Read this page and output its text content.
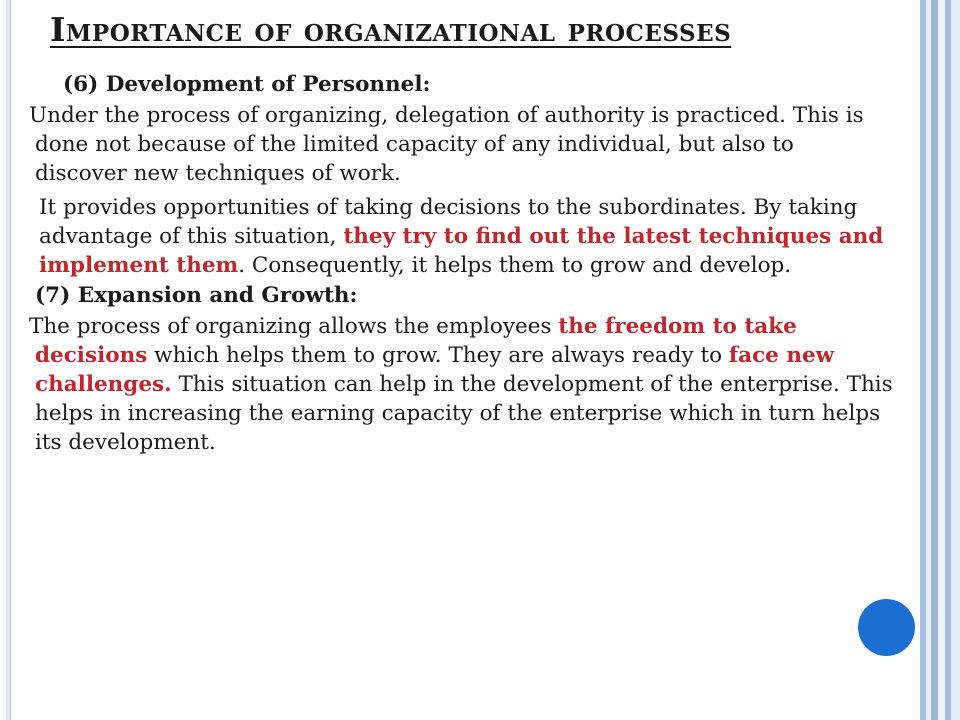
Importance of organizational processes

(6) Development of Personnel:

Under the process of organizing, delegation of authority is practiced. This is done not because of the limited capacity of any individual, but also to discover new techniques of work.

It provides opportunities of taking decisions to the subordinates. By taking advantage of this situation, they try to find out the latest techniques and implement them. Consequently, it helps them to grow and develop.

(7) Expansion and Growth:

The process of organizing allows the employees the freedom to take decisions which helps them to grow. They are always ready to face new challenges. This situation can help in the development of the enterprise. This helps in increasing the earning capacity of the enterprise which in turn helps its development.
